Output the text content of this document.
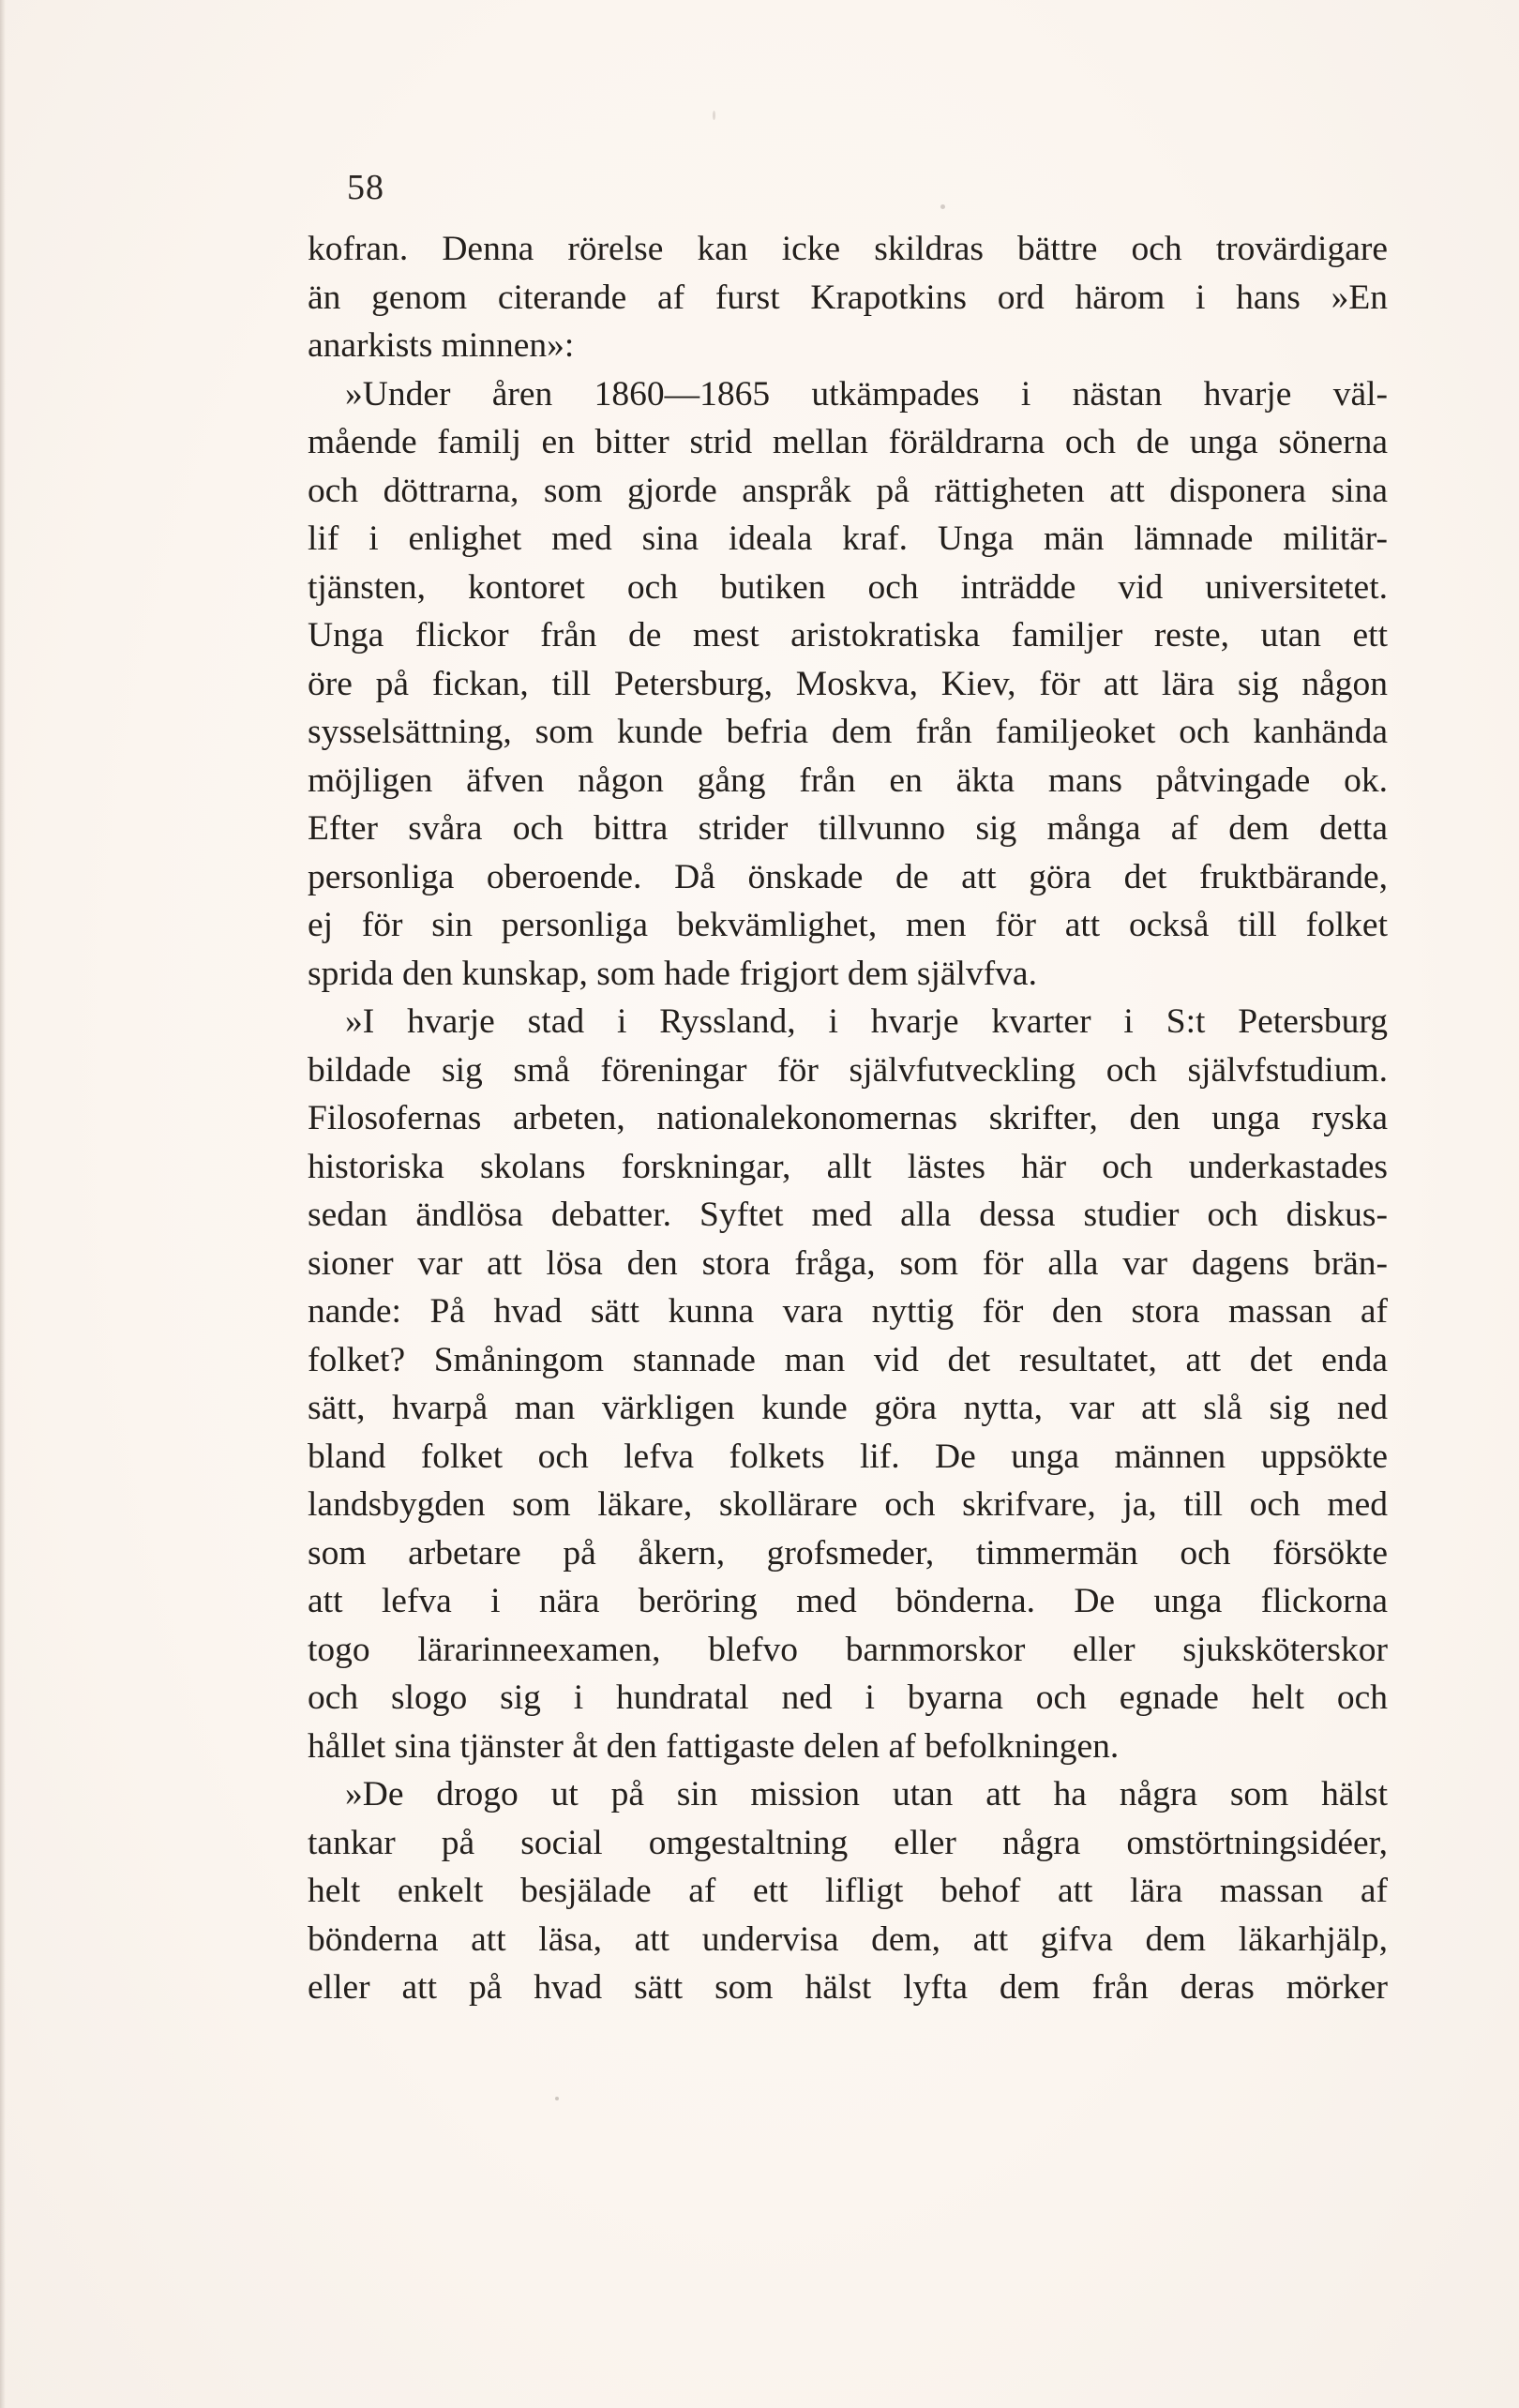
58
kofran. Denna rörelse kan icke skildras bättre och trovärdigare
än genom citerande af furst Krapotkins ord härom i hans »En
anarkists minnen»:
»Under åren 1860—1865 utkämpades i nästan hvarje väl-
mående familj en bitter strid mellan föräldrarna och de unga sönerna
och döttrarna, som gjorde anspråk på rättigheten att disponera sina
lif i enlighet med sina ideala kraf. Unga män lämnade militär-
tjänsten, kontoret och butiken och inträdde vid universitetet.
Unga flickor från de mest aristokratiska familjer reste, utan ett
öre på fickan, till Petersburg, Moskva, Kiev, för att lära sig någon
sysselsättning, som kunde befria dem från familjeoket och kanhända
möjligen äfven någon gång från en äkta mans påtvingade ok.
Efter svåra och bittra strider tillvunno sig många af dem detta
personliga oberoende. Då önskade de att göra det fruktbärande,
ej för sin personliga bekvämlighet, men för att också till folket
sprida den kunskap, som hade frigjort dem självfva.
»I hvarje stad i Ryssland, i hvarje kvarter i S:t Petersburg
bildade sig små föreningar för självfutveckling och självfstudium.
Filosofernas arbeten, nationalekonomernas skrifter, den unga ryska
historiska skolans forskningar, allt lästes här och underkastades
sedan ändlösa debatter. Syftet med alla dessa studier och diskus-
sioner var att lösa den stora fråga, som för alla var dagens brän-
nande: På hvad sätt kunna vara nyttig för den stora massan af
folket? Småningom stannade man vid det resultatet, att det enda
sätt, hvarpå man värkligen kunde göra nytta, var att slå sig ned
bland folket och lefva folkets lif. De unga männen uppsökte
landsbygden som läkare, skollärare och skrifvare, ja, till och med
som arbetare på åkern, grofsmeder, timmermän och försökte
att lefva i nära beröring med bönderna. De unga flickorna
togo lärarinneexamen, blefvo barnmorskor eller sjuksköterskor
och slogo sig i hundratal ned i byarna och egnade helt och
hållet sina tjänster åt den fattigaste delen af befolkningen.
»De drogo ut på sin mission utan att ha några som hälst
tankar på social omgestaltning eller några omstörtningsidéer,
helt enkelt besjälade af ett lifligt behof att lära massan af
bönderna att läsa, att undervisa dem, att gifva dem läkarhjälp,
eller att på hvad sätt som hälst lyfta dem från deras mörker
